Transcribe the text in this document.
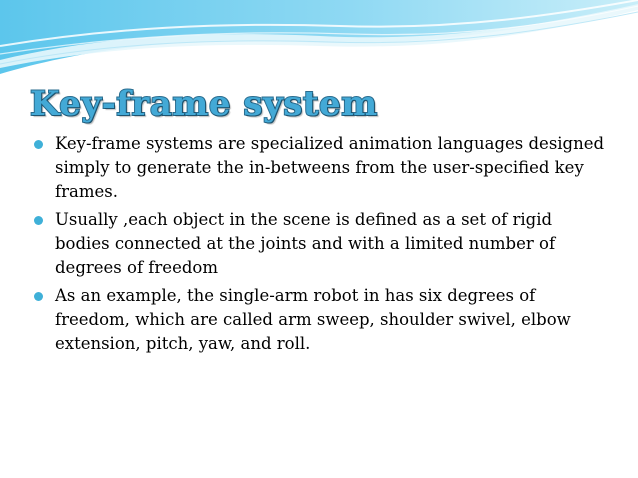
Key-frame system
Key-frame systems are specialized animation languages designed simply to generate the in-betweens from the user-specified key frames.
Usually ,each object in the scene is defined as a set of rigid bodies connected at the joints and with a limited number of degrees of freedom
As an example, the single-arm robot in has six degrees of freedom, which are called arm sweep, shoulder swivel, elbow extension, pitch, yaw, and roll.
